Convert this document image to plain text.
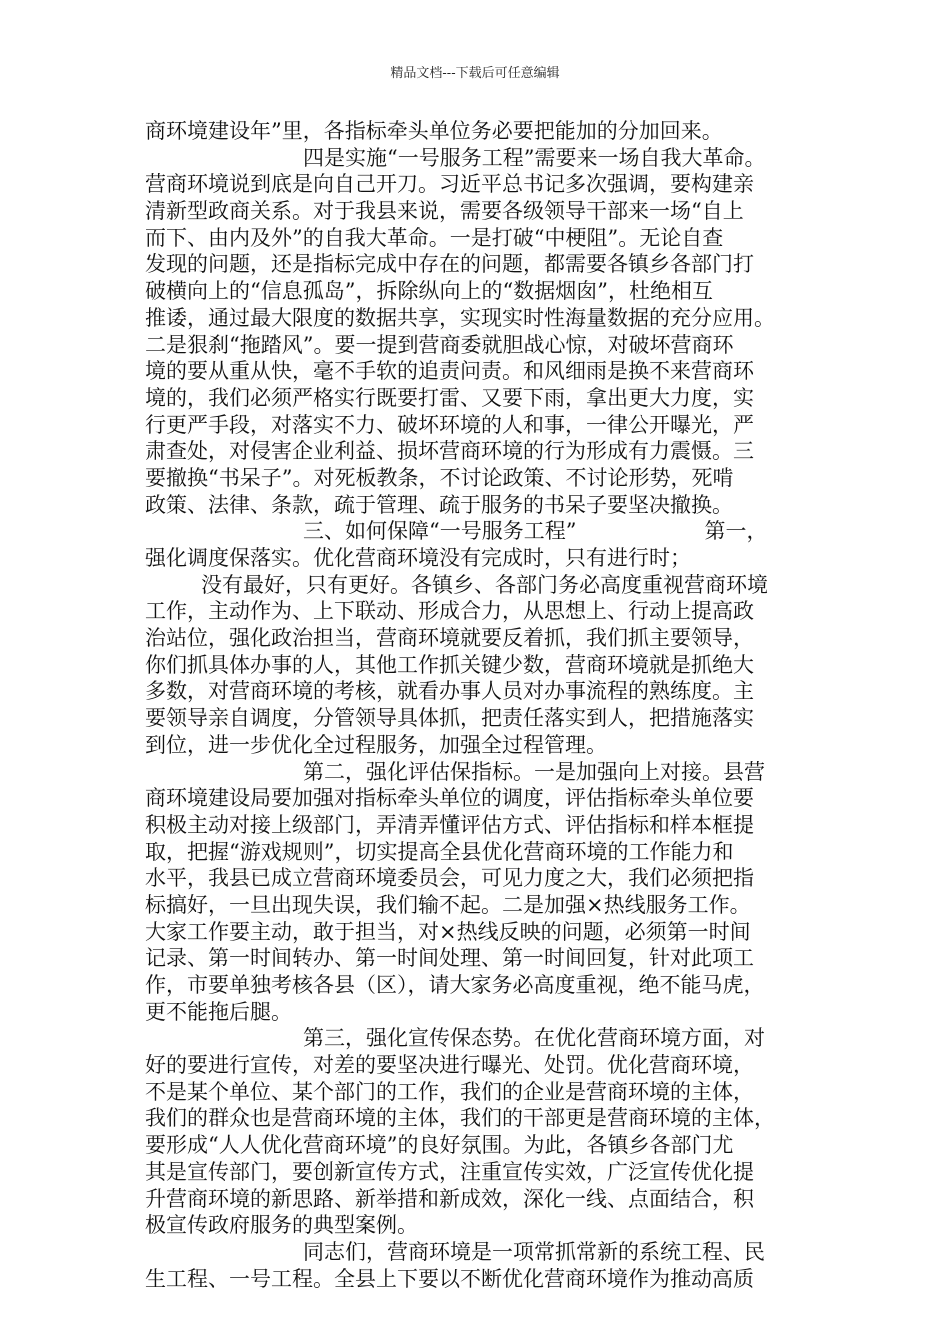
精品文档---下载后可任意编辑
商环境建设年”里，各指标牵头单位务必要把能加的分加回来。
四是实施“一号服务工程”需要来一场自我大革命。
营商环境说到底是向自己开刀。习近平总书记多次强调，要构建亲
清新型政商关系。对于我县来说，需要各级领导干部来一场“自上
而下、由内及外”的自我大革命。一是打破“中梗阻”。无论自查
发现的问题，还是指标完成中存在的问题，都需要各镇乡各部门打
破横向上的“信息孤岛”，拆除纵向上的“数据烟囱”，杜绝相互
推诿，通过最大限度的数据共享，实现实时性海量数据的充分应用。
二是狠刹“拖踏风”。要一提到营商委就胆战心惊，对破坏营商环
境的要从重从快，毫不手软的追责问责。和风细雨是换不来营商环
境的，我们必须严格实行既要打雷、又要下雨，拿出更大力度，实
行更严手段，对落实不力、破坏环境的人和事，一律公开曝光，严
肃查处，对侵害企业利益、损坏营商环境的行为形成有力震慑。三
要撤换“书呆子”。对死板教条，不讨论政策、不讨论形势，死啃
政策、法律、条款，疏于管理、疏于服务的书呆子要坚决撤换。
三、如何保障“一号服务工程”	第一，
强化调度保落实。优化营商环境没有完成时，只有进行时；
没有最好，只有更好。各镇乡、各部门务必高度重视营商环境
工作，主动作为、上下联动、形成合力，从思想上、行动上提高政
治站位，强化政治担当，营商环境就要反着抓，我们抓主要领导，
你们抓具体办事的人，其他工作抓关键少数，营商环境就是抓绝大
多数，对营商环境的考核，就看办事人员对办事流程的熟练度。主
要领导亲自调度，分管领导具体抓，把责任落实到人，把措施落实
到位，进一步优化全过程服务，加强全过程管理。
第二，强化评估保指标。一是加强向上对接。县营
商环境建设局要加强对指标牵头单位的调度，评估指标牵头单位要
积极主动对接上级部门，弄清弄懂评估方式、评估指标和样本框提
取，把握“游戏规则”，切实提高全县优化营商环境的工作能力和
水平，我县已成立营商环境委员会，可见力度之大，我们必须把指
标搞好，一旦出现失误，我们输不起。二是加强×热线服务工作。
大家工作要主动，敢于担当，对×热线反映的问题，必须第一时间
记录、第一时间转办、第一时间处理、第一时间回复，针对此项工
作，市要单独考核各县（区），请大家务必高度重视，绝不能马虎，
更不能拖后腿。
第三，强化宣传保态势。在优化营商环境方面，对
好的要进行宣传，对差的要坚决进行曝光、处罚。优化营商环境，
不是某个单位、某个部门的工作，我们的企业是营商环境的主体，
我们的群众也是营商环境的主体，我们的干部更是营商环境的主体，
要形成“人人优化营商环境”的良好氛围。为此，各镇乡各部门尤
其是宣传部门，要创新宣传方式，注重宣传实效，广泛宣传优化提
升营商环境的新思路、新举措和新成效，深化一线、点面结合，积
极宣传政府服务的典型案例。
同志们，营商环境是一项常抓常新的系统工程、民
生工程、一号工程。全县上下要以不断优化营商环境作为推动高质
